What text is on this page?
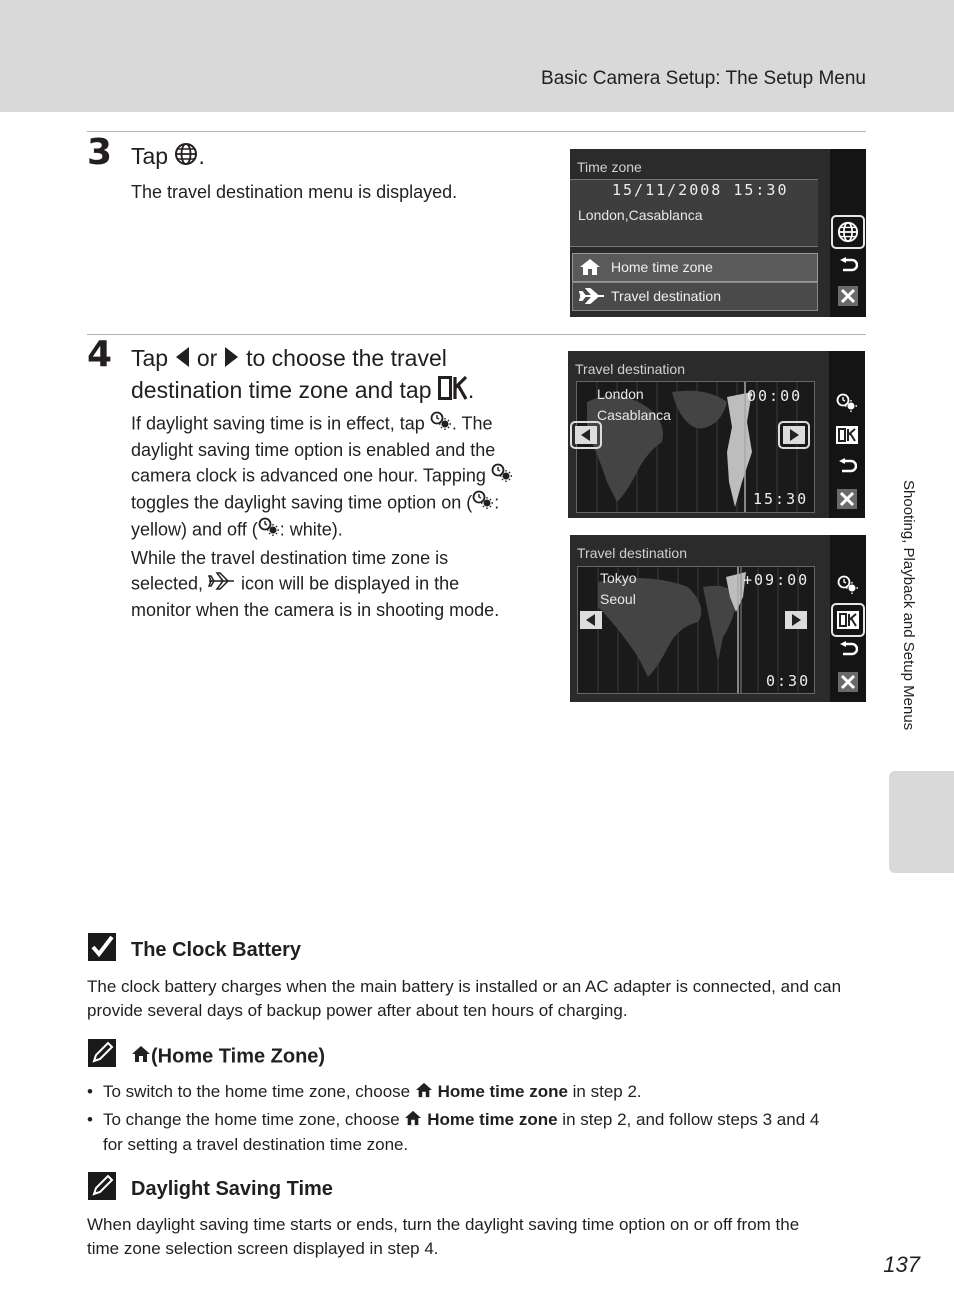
Basic Camera Setup: The Setup Menu
3 Tap .
The travel destination menu is displayed.
Time zone
15/11/2008 15:30
London,Casablanca
Home time zone
Travel destination
4 Tap  or  to choose the travel
destination time zone and tap .
If daylight saving time is in effect, tap . The
daylight saving time option is enabled and the
camera clock is advanced one hour. Tapping
toggles the daylight saving time option on ( :
yellow) and off ( : white).
While the travel destination time zone is
selected,  icon will be displayed in the
monitor when the camera is in shooting mode.
Travel destination
London
Casablanca
00:00
15:30
Travel destination
Tokyo
Seoul
+09:00
0:30
The Clock Battery
The clock battery charges when the main battery is installed or an AC adapter is connected, and can
provide several days of backup power after about ten hours of charging.
(Home Time Zone)
• To switch to the home time zone, choose  Home time zone in step 2.
• To change the home time zone, choose  Home time zone in step 2, and follow steps 3 and 4
for setting a travel destination time zone.
Daylight Saving Time
When daylight saving time starts or ends, turn the daylight saving time option on or off from the
time zone selection screen displayed in step 4.
Shooting, Playback and Setup Menus
137
